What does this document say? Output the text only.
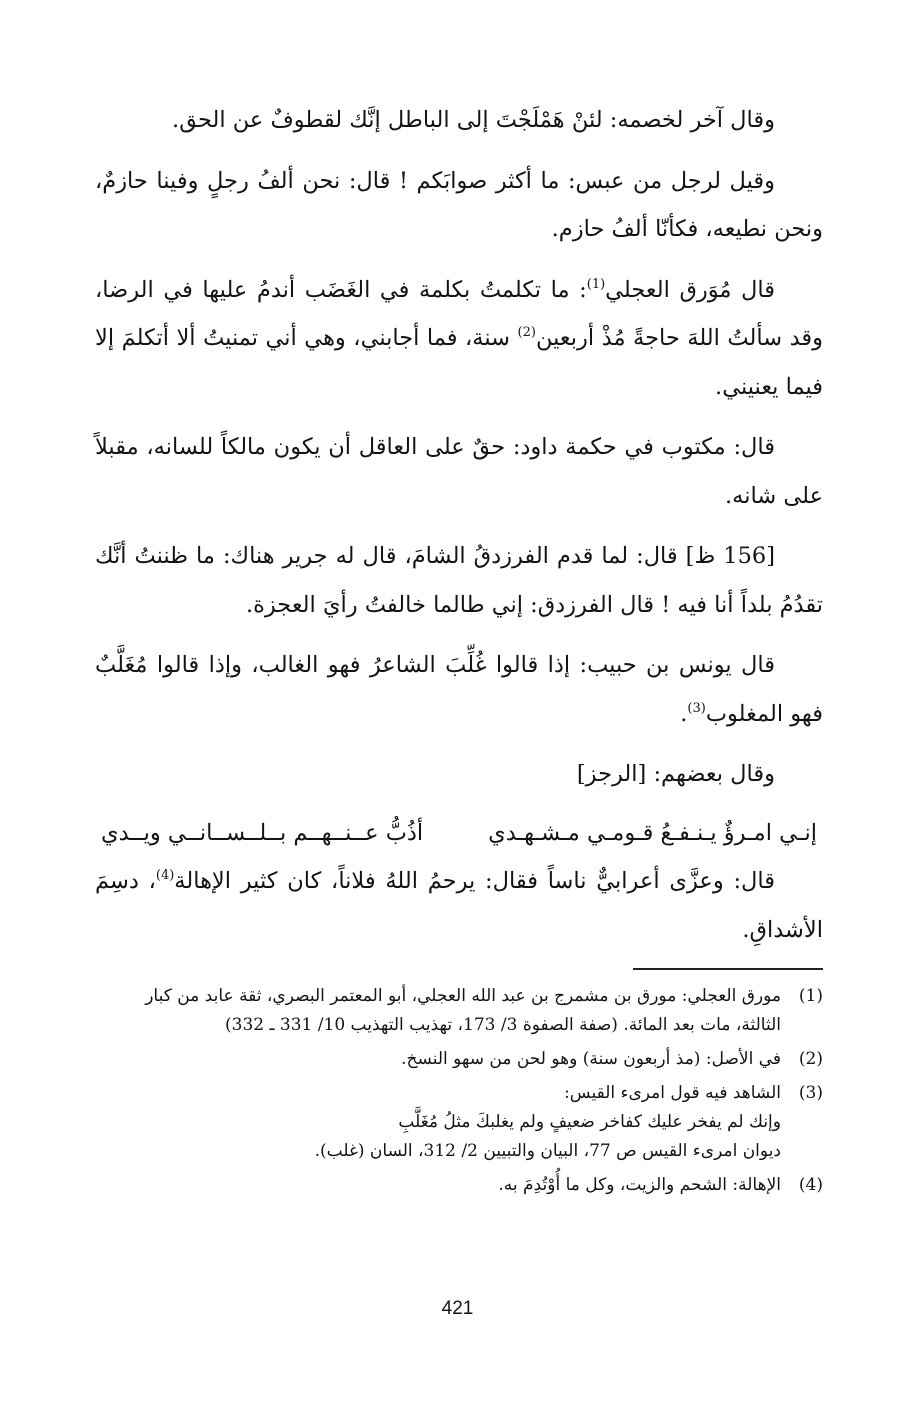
وقال آخر لخصمه: لئنْ هَمْلَجْتَ إلى الباطل إنَّك لقطوفٌ عن الحق.

وقيل لرجل من عبس: ما أكثر صوابَكم ! قال: نحن ألفُ رجلٍ وفينا حازمٌ، ونحن نطيعه، فكأنّا ألفُ حازم.

قال مُوَرق العجلي$^{(1)}$: ما تكلمتُ بكلمة في الغَضَب أندمُ عليها في الرضا، وقد سألتُ اللهَ حاجةً مُذْ أربعين$^{(2)}$ سنة، فما أجابني، وهي أني تمنيتُ ألا أتكلمَ إلا فيما يعنيني.

قال: مكتوب في حكمة داود: حقٌ على العاقل أن يكون مالكاً للسانه، مقبلاً على شانه.

[156 ظ] قال: لما قدم الفرزدقُ الشامَ، قال له جرير هناك: ما ظننتُ أنَّك تقدُمُ بلداً أنا فيه ! قال الفرزدق: إني طالما خالفتُ رأيَ العجزة.

قال يونس بن حبيب: إذا قالوا غُلِّبَ الشاعرُ فهو الغالب، وإذا قالوا مُغَلَّبٌ فهو المغلوب$^{(3)}$.

وقال بعضهم: [الرجز]

إنـي امـرؤٌ يـنـفـعُ قـومـي مـشـهـدي
أذُبُّ عــنــهــم بــلــســانــي ويــدي

قال: وعزَّى أعرابيٌّ ناساً فقال: يرحمُ اللهُ فلاناً، كان كثير الإهالة$^{(4)}$، دسِمَ الأشداقِ.

(1)
مورق العجلي: مورق بن مشمرج بن عبد الله العجلي، أبو المعتمر البصري، ثقة عابد من كبار الثالثة، مات بعد المائة. (صفة الصفوة 3/ 173، تهذيب التهذيب 10/ 331 ـ 332)
(2)
في الأصل: (مذ أربعون سنة) وهو لحن من سهو النسخ.
(3)
الشاهد فيه قول امرىء القيس:
وإنك لم يفخر عليك كفاخر ضعيفٍ ولم يغلبكَ مثلُ مُغَلَّبِ
ديوان امرىء القيس ص 77، البيان والتبيين 2/ 312، السان (غلب).
(4)
الإهالة: الشحم والزيت، وكل ما أُوْتُدِمَ به.
421
